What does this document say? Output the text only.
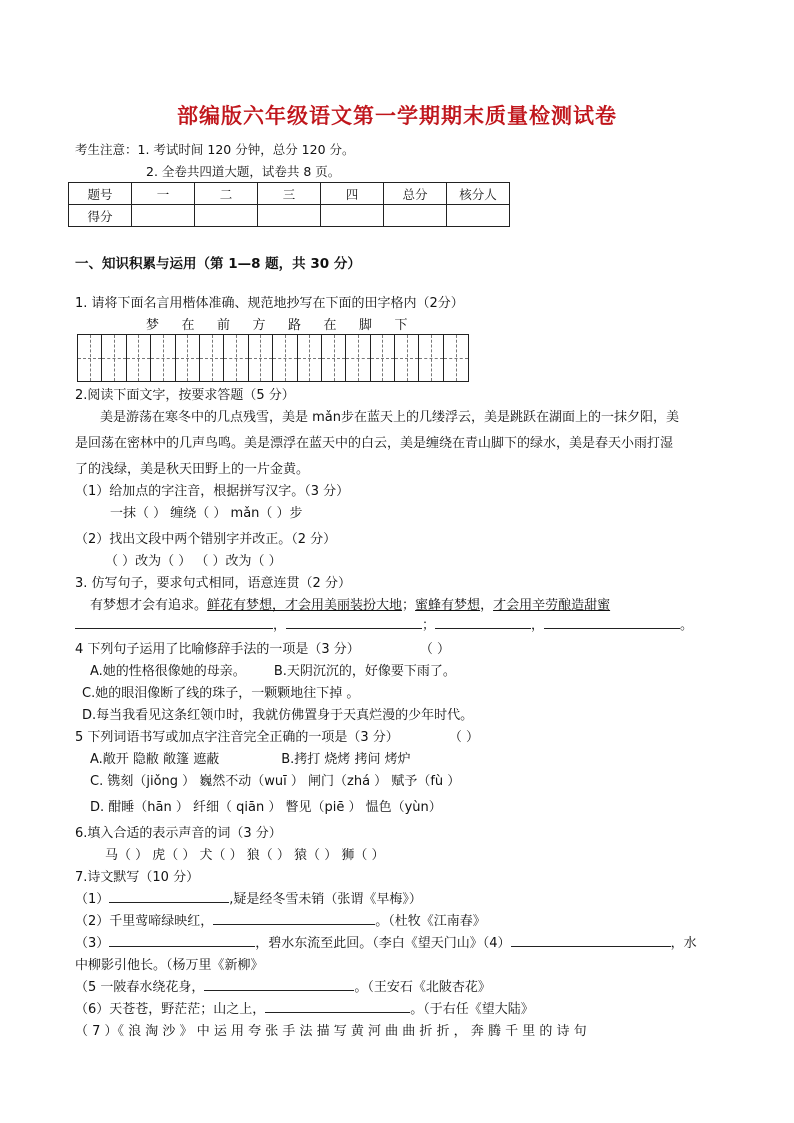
部编版六年级语文第一学期期末质量检测试卷
考生注意：1. 考试时间 120 分钟，总分 120 分。
2. 全卷共四道大题，试卷共 8 页。
题号	一	二	三	四	总分	核分人
得分						
一、知识积累与运用（第 1—8 题，共 30 分）
1. 请将下面名言用楷体准确、规范地抄写在下面的田字格内（2分）
梦 在 前 方 路 在 脚 下
2.阅读下面文字，按要求答题（5 分）
美是游荡在寒冬中的几点残雪，美是 mǎn步在蓝天上的几缕浮云，美是跳跃在湖面上的一抹夕阳，美
是回荡在密林中的几声鸟鸣。美是漂浮在蓝天中的白云，美是缠绕在青山脚下的绿水，美是春天小雨打湿
了的浅绿，美是秋天田野上的一片金黄。
（1）给加点的字注音，根据拼写汉字。（3 分）
一抹（ ） 缠绕（ ） mǎn（ ）步
（2）找出文段中两个错别字并改正。（2 分）
（ ）改为（ ） （ ）改为（ ）
3. 仿写句子，要求句式相同，语意连贯（2 分）
有梦想才会有追求。鲜花有梦想，才会用美丽装扮大地；蜜蜂有梦想，才会用辛劳酿造甜蜜
，	；	，	。
4 下列句子运用了比喻修辞手法的一项是（3 分）	（ ）
A.她的性格很像她的母亲。 B.天阴沉沉的，好像要下雨了。
C.她的眼泪像断了线的珠子，一颗颗地往下掉 。
D.每当我看见这条红领巾时，我就仿佛置身于天真烂漫的少年时代。
5 下列词语书写或加点字注音完全正确的一项是（3 分）	（ ）
A.敞开 隐敝 敞篷 遮蔽	B.拷打 烧烤 拷问 烤炉
C. 镌刻（jiǒng ） 巍然不动（wuī ） 闸门（zhá ） 赋予（fù ）
D. 酣睡（hān ） 纤细（ qiān ） 瞥见（piē ） 愠色（yùn）
6.填入合适的表示声音的词（3 分）
马（ ） 虎（ ） 犬（ ） 狼（ ） 猿（ ） 狮（ ）
7.诗文默写（10 分）
（1）	,疑是经冬雪未销（张谓《早梅》）
（2）千里莺啼绿映红，	。（杜牧《江南春》
（3）	，碧水东流至此回。（李白《望天门山》（4）	，水
中柳影引他长。（杨万里《新柳》
（5 一陂春水绕花身，	。（王安石《北陂杏花》
（6）天苍苍，野茫茫；山之上，	。（于右任《望大陆》
（ 7 ）《 浪 淘 沙 》 中 运 用 夸 张 手 法 描 写 黄 河 曲 曲 折 折 ， 奔 腾 千 里 的 诗 句
